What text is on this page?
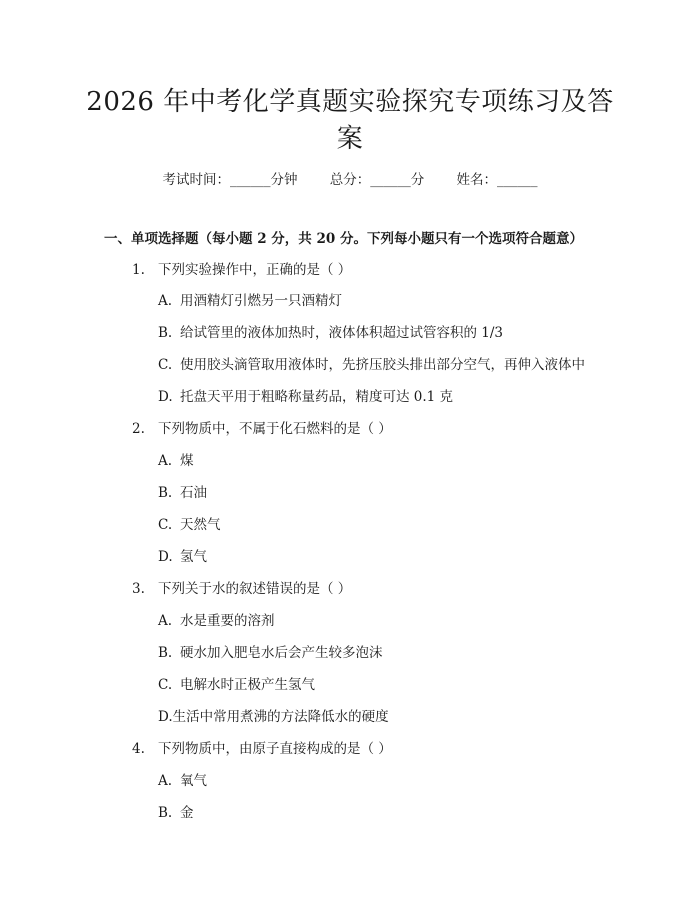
2026 年中考化学真题实验探究专项练习及答
案
考试时间：______分钟 总分：______分 姓名：______
一、单项选择题（每小题 2 分，共 20 分。下列每小题只有一个选项符合题意）
1. 下列实验操作中，正确的是（ ）
A. 用酒精灯引燃另一只酒精灯
B. 给试管里的液体加热时，液体体积超过试管容积的 1/3
C. 使用胶头滴管取用液体时，先挤压胶头排出部分空气，再伸入液体中
D. 托盘天平用于粗略称量药品，精度可达 0.1 克
2. 下列物质中，不属于化石燃料的是（ ）
A. 煤
B. 石油
C. 天然气
D. 氢气
3. 下列关于水的叙述错误的是（ ）
A. 水是重要的溶剂
B. 硬水加入肥皂水后会产生较多泡沫
C. 电解水时正极产生氢气
D.生活中常用煮沸的方法降低水的硬度
4. 下列物质中，由原子直接构成的是（ ）
A. 氧气
B. 金
